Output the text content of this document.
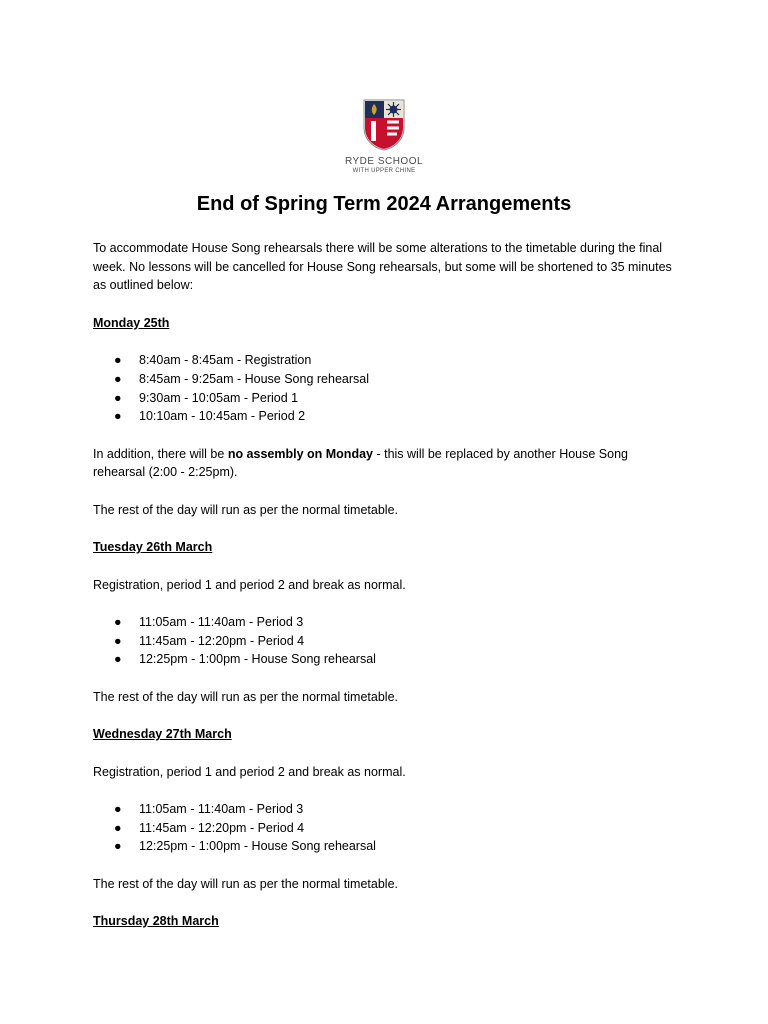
RYDE SCHOOL
WITH UPPER CHINE
End of Spring Term 2024 Arrangements

To accommodate House Song rehearsals there will be some alterations to the timetable during the final week. No lessons will be cancelled for House Song rehearsals, but some will be shortened to 35 minutes as outlined below:

Monday 25th

● 8:40am - 8:45am - Registration
● 8:45am - 9:25am - House Song rehearsal
● 9:30am - 10:05am - Period 1
● 10:10am - 10:45am - Period 2

In addition, there will be no assembly on Monday - this will be replaced by another House Song rehearsal (2:00 - 2:25pm).

The rest of the day will run as per the normal timetable.

Tuesday 26th March

Registration, period 1 and period 2 and break as normal.

● 11:05am - 11:40am - Period 3
● 11:45am - 12:20pm - Period 4
● 12:25pm - 1:00pm - House Song rehearsal

The rest of the day will run as per the normal timetable.

Wednesday 27th March

Registration, period 1 and period 2 and break as normal.

● 11:05am - 11:40am - Period 3
● 11:45am - 12:20pm - Period 4
● 12:25pm - 1:00pm - House Song rehearsal

The rest of the day will run as per the normal timetable.

Thursday 28th March
